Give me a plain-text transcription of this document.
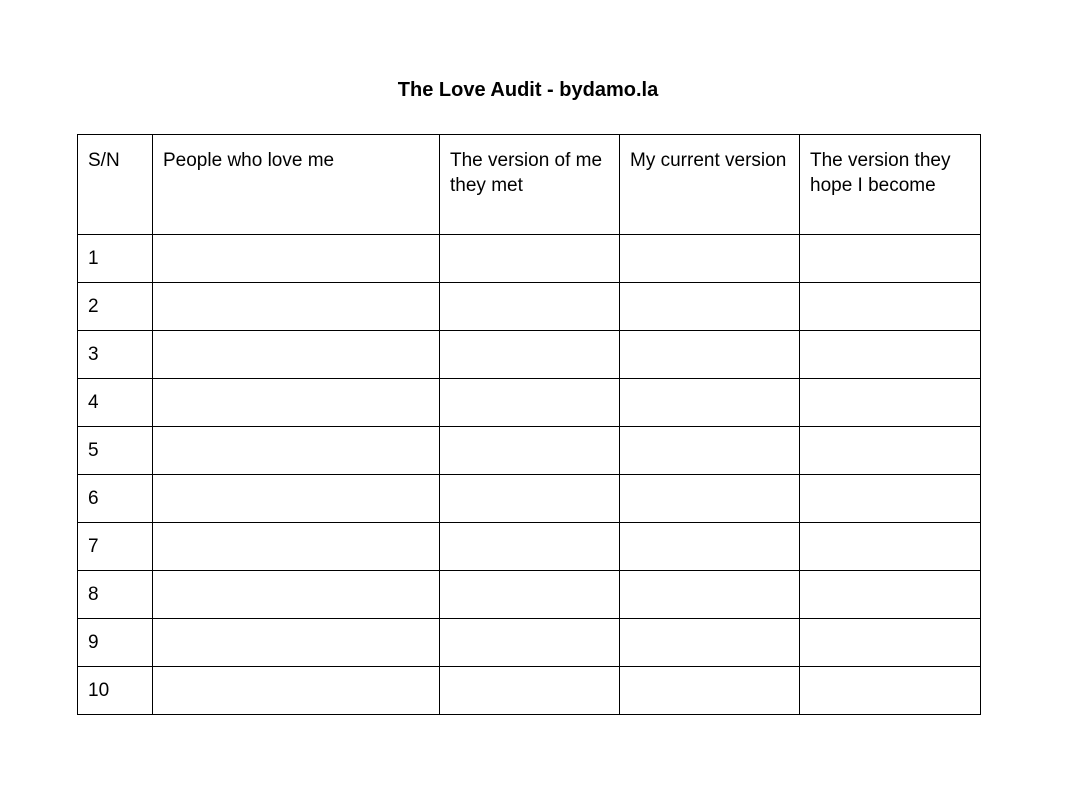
The Love Audit - bydamo.la
S/N	People who love me	The version of me they met	My current version	The version they hope I become
1				
2				
3				
4				
5				
6				
7				
8				
9				
10				
